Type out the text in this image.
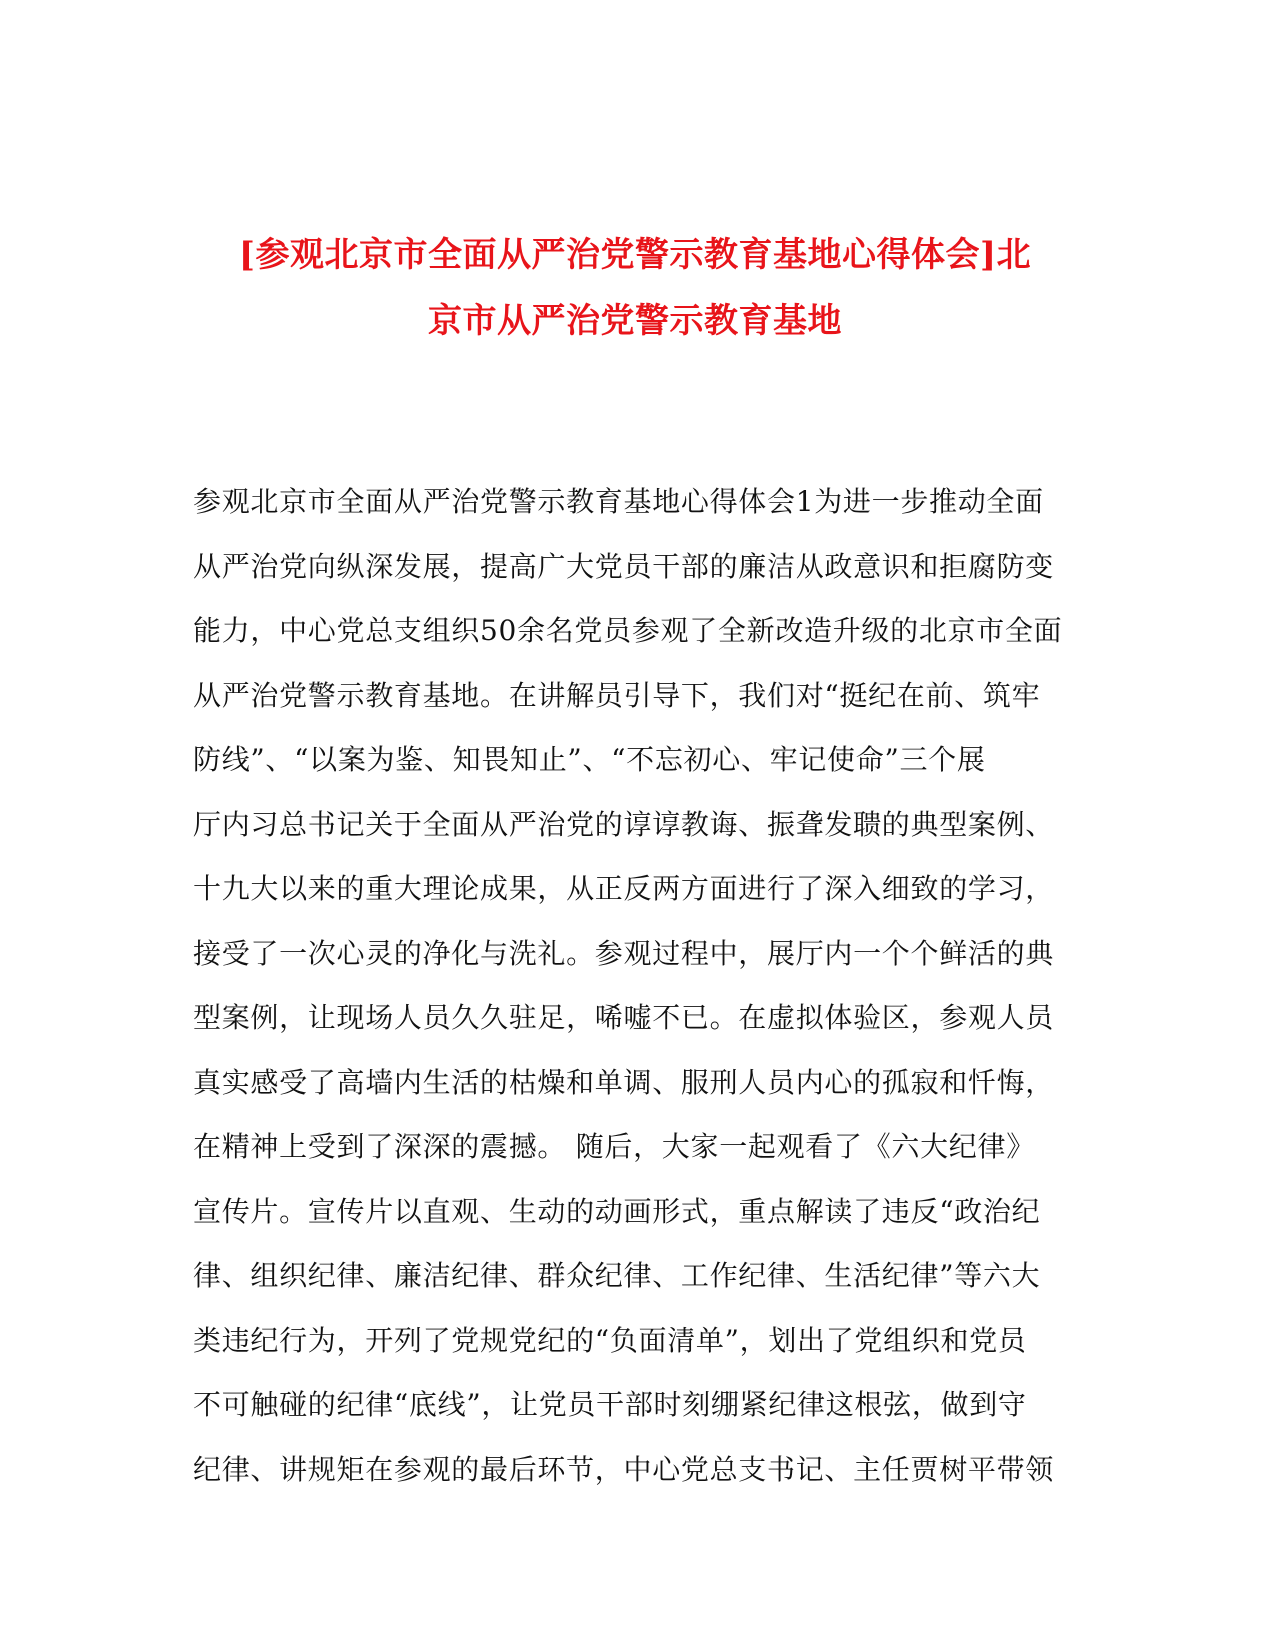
[参观北京市全面从严治党警示教育基地心得体会]北
京市从严治党警示教育基地
参观北京市全面从严治党警示教育基地心得体会1为进一步推动全面
从严治党向纵深发展，提高广大党员干部的廉洁从政意识和拒腐防变
能力，中心党总支组织50余名党员参观了全新改造升级的北京市全面
从严治党警示教育基地。在讲解员引导下，我们对“挺纪在前、筑牢
防线”、“以案为鉴、知畏知止”、“不忘初心、牢记使命”三个展
厅内习总书记关于全面从严治党的谆谆教诲、振聋发聩的典型案例、
十九大以来的重大理论成果，从正反两方面进行了深入细致的学习，
接受了一次心灵的净化与洗礼。参观过程中，展厅内一个个鲜活的典
型案例，让现场人员久久驻足，唏嘘不已。在虚拟体验区，参观人员
真实感受了高墙内生活的枯燥和单调、服刑人员内心的孤寂和忏悔，
在精神上受到了深深的震撼。 随后，大家一起观看了《六大纪律》
宣传片。宣传片以直观、生动的动画形式，重点解读了违反“政治纪
律、组织纪律、廉洁纪律、群众纪律、工作纪律、生活纪律”等六大
类违纪行为，开列了党规党纪的“负面清单”，划出了党组织和党员
不可触碰的纪律“底线”，让党员干部时刻绷紧纪律这根弦，做到守
纪律、讲规矩在参观的最后环节，中心党总支书记、主任贾树平带领
